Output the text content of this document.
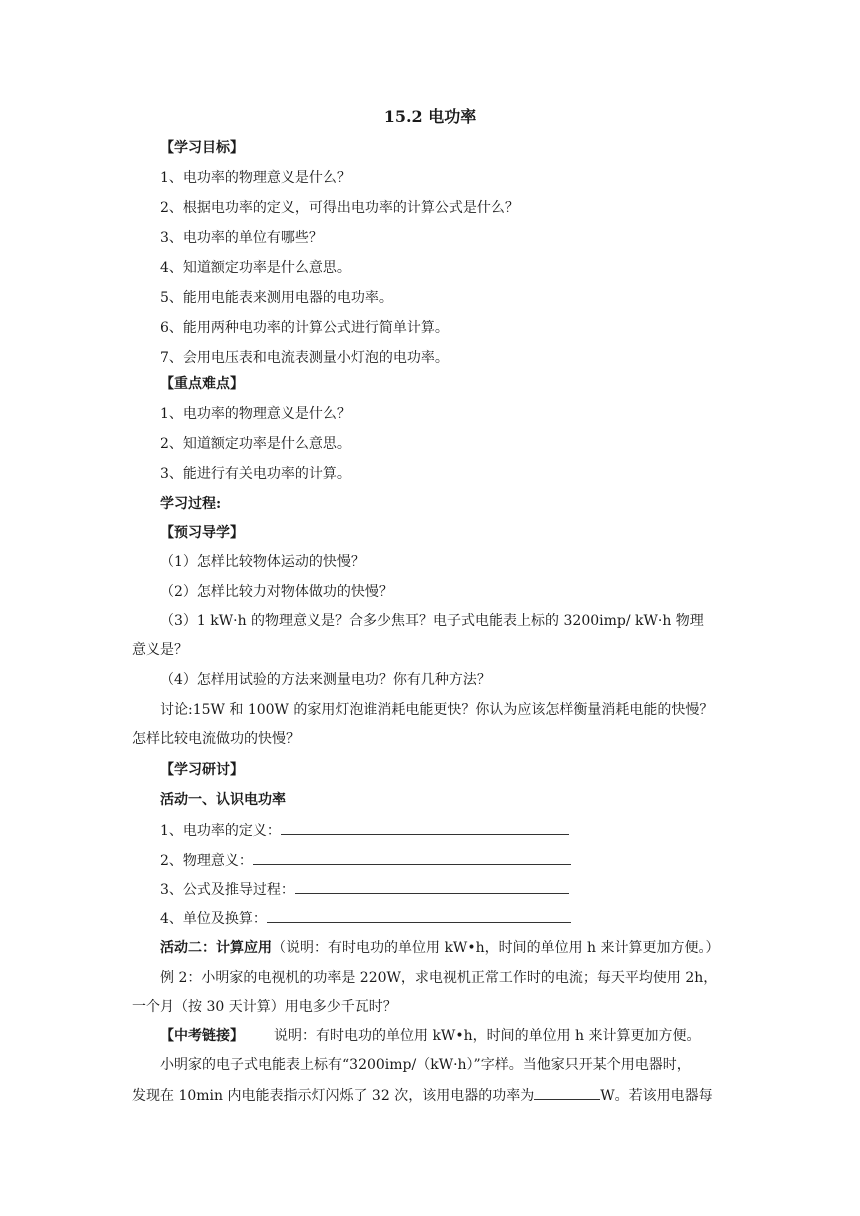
15.2 电功率
【学习目标】
1、电功率的物理意义是什么？
2、根据电功率的定义，可得出电功率的计算公式是什么？
3、电功率的单位有哪些？
4、知道额定功率是什么意思。
5、能用电能表来测用电器的电功率。
6、能用两种电功率的计算公式进行简单计算。
7、会用电压表和电流表测量小灯泡的电功率。
【重点难点】
1、电功率的物理意义是什么？
2、知道额定功率是什么意思。
3、能进行有关电功率的计算。
学习过程:
【预习导学】
（1）怎样比较物体运动的快慢？
（2）怎样比较力对物体做功的快慢？
（3）1 kW·h 的物理意义是？合多少焦耳？电子式电能表上标的 3200imp/ kW·h 物理
意义是？
（4）怎样用试验的方法来测量电功？你有几种方法？
讨论:15W 和 100W 的家用灯泡谁消耗电能更快？你认为应该怎样衡量消耗电能的快慢？
怎样比较电流做功的快慢？
【学习研讨】
活动一、认识电功率
1、电功率的定义：
2、物理意义：
3、公式及推导过程：
4、单位及换算：
活动二：计算应用（说明：有时电功的单位用 kW•h，时间的单位用 h 来计算更加方便。）
例 2：小明家的电视机的功率是 220W，求电视机正常工作时的电流；每天平均使用 2h，
一个月（按 30 天计算）用电多少千瓦时？
【中考链接】 说明：有时电功的单位用 kW•h，时间的单位用 h 来计算更加方便。
小明家的电子式电能表上标有“3200imp/（kW·h）”字样。当他家只开某个用电器时，
发现在 10min 内电能表指示灯闪烁了 32 次，该用电器的功率为	W。若该用电器每
